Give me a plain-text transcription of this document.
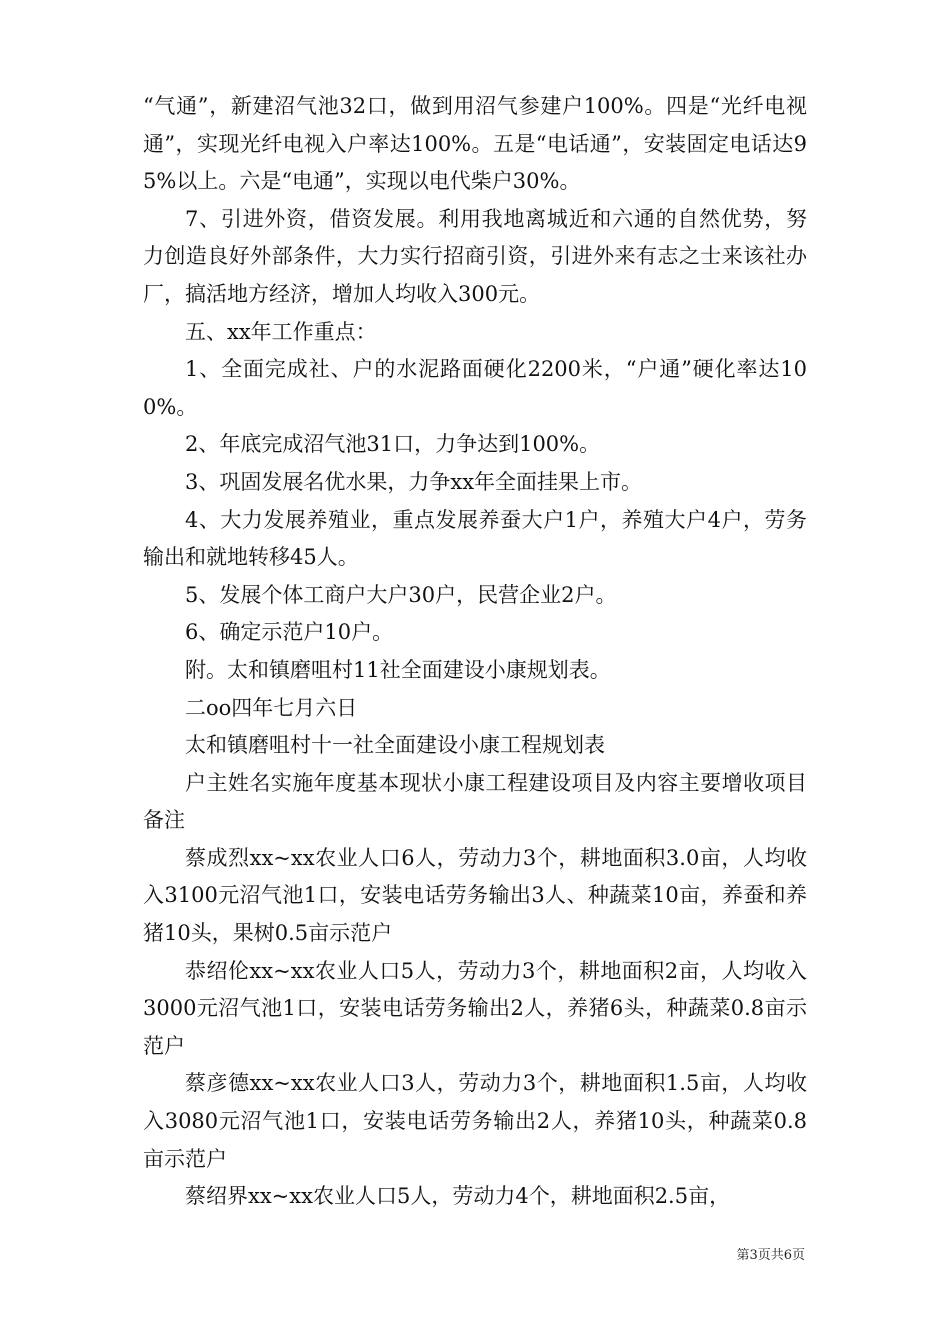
“气通”，新建沼气池32口，做到用沼气参建户100%。四是“光纤电视通”，实现光纤电视入户率达100%。五是“电话通”，安装固定电话达95%以上。六是“电通”，实现以电代柴户30%。

7、引进外资，借资发展。利用我地离城近和六通的自然优势，努力创造良好外部条件，大力实行招商引资，引进外来有志之士来该社办厂，搞活地方经济，增加人均收入300元。

五、xx年工作重点：

1、全面完成社、户的水泥路面硬化2200米，“户通”硬化率达100%。

2、年底完成沼气池31口，力争达到100%。

3、巩固发展名优水果，力争xx年全面挂果上市。

4、大力发展养殖业，重点发展养蚕大户1户，养殖大户4户，劳务输出和就地转移45人。

5、发展个体工商户大户30户，民营企业2户。

6、确定示范户10户。

附。太和镇磨咀村11社全面建设小康规划表。

二oo四年七月六日

太和镇磨咀村十一社全面建设小康工程规划表

户主姓名实施年度基本现状小康工程建设项目及内容主要增收项目备注

蔡成烈xx~xx农业人口6人，劳动力3个，耕地面积3.0亩，人均收入3100元沼气池1口，安装电话劳务输出3人、种蔬菜10亩，养蚕和养猪10头，果树0.5亩示范户

恭绍伦xx~xx农业人口5人，劳动力3个，耕地面积2亩，人均收入3000元沼气池1口，安装电话劳务输出2人，养猪6头，种蔬菜0.8亩示范户

蔡彦德xx~xx农业人口3人，劳动力3个，耕地面积1.5亩，人均收入3080元沼气池1口，安装电话劳务输出2人，养猪10头，种蔬菜0.8亩示范户

蔡绍界xx~xx农业人口5人，劳动力4个，耕地面积2.5亩，

第3页共6页
